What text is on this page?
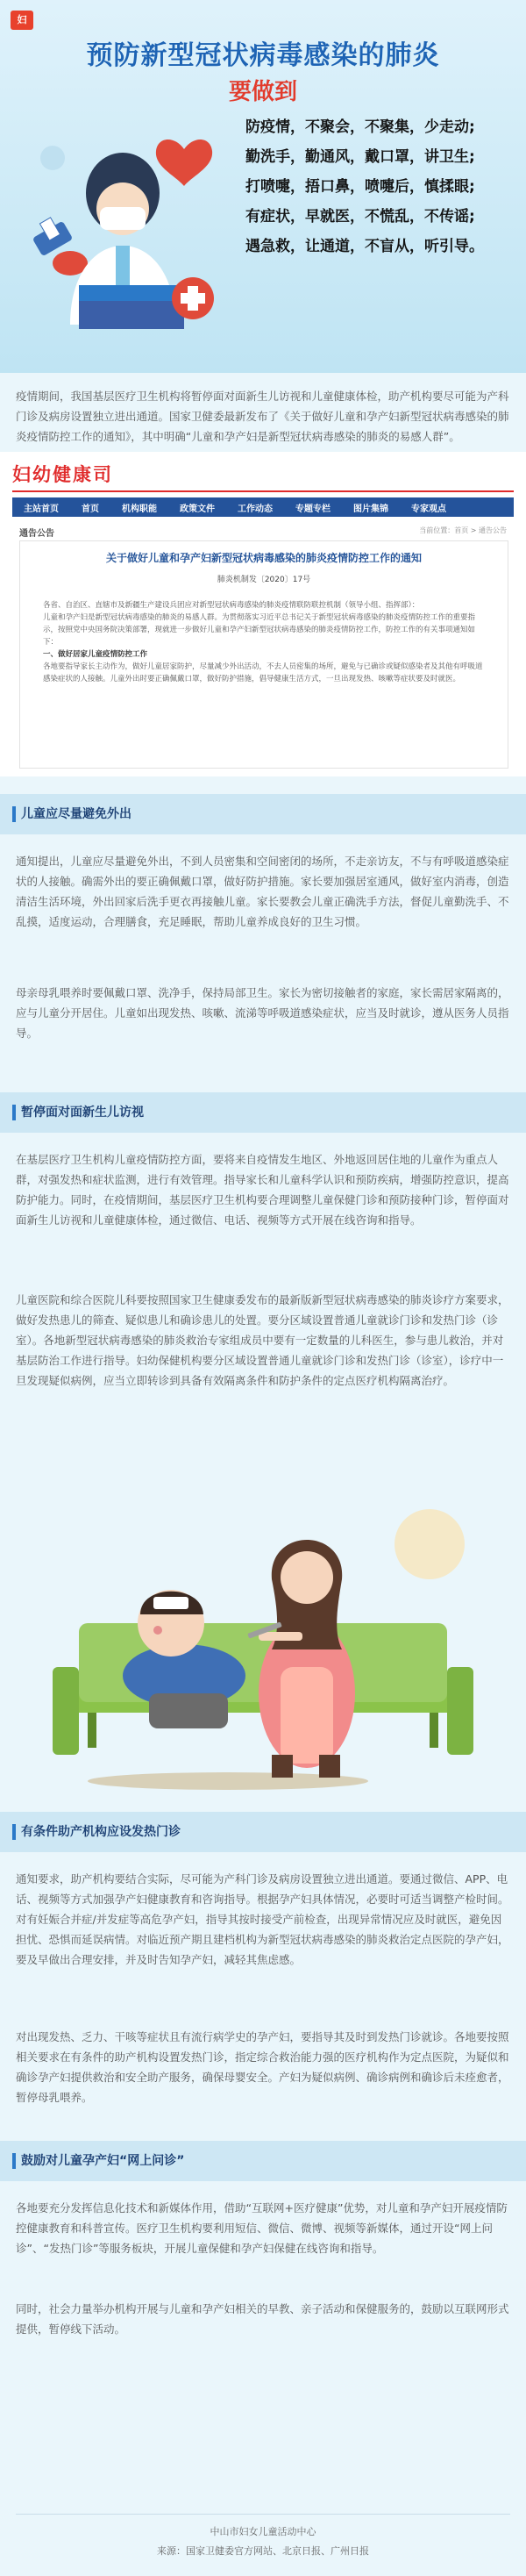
妇
预防新型冠状病毒感染的肺炎
要做到
防疫情，不聚会，不聚集，少走动;
勤洗手，勤通风，戴口罩，讲卫生;
打喷嚏，捂口鼻，喷嚏后，慎揉眼;
有症状，早就医，不慌乱，不传谣;
遇急救，让通道，不盲从，听引导。
疫情期间，我国基层医疗卫生机构将暂停面对面新生儿访视和儿童健康体检，助产机构要尽可能为产科门诊及病房设置独立进出通道。国家卫健委最新发布了《关于做好儿童和孕产妇新型冠状病毒感染的肺炎疫情防控工作的通知》，其中明确“儿童和孕产妇是新型冠状病毒感染的肺炎的易感人群”。
妇幼健康司
主站首页	首页	机构职能	政策文件	工作动态	专题专栏	图片集锦	专家观点
通告公告	当前位置：首页 > 通告公告
关于做好儿童和孕产妇新型冠状病毒感染的肺炎疫情防控工作的通知
肺炎机制发〔2020〕17号
各省、自治区、直辖市及新疆生产建设兵团应对新型冠状病毒感染的肺炎疫情联防联控机制（领导小组、指挥部）：
儿童和孕产妇是新型冠状病毒感染的肺炎的易感人群。为贯彻落实习近平总书记关于新型冠状病毒感染的肺炎疫情防控工作的重要指示，按照党中央国务院决策部署，现就进一步做好儿童和孕产妇新型冠状病毒感染的肺炎疫情防控工作，防控工作的有关事项通知如下：
一、做好居家儿童疫情防控工作
各地要指导家长主动作为，做好儿童居家防护，尽量减少外出活动，不去人员密集的场所，避免与已确诊或疑似感染者及其他有呼吸道感染症状的人接触。儿童外出时要正确佩戴口罩，做好防护措施，倡导健康生活方式，一旦出现发热、咳嗽等症状要及时就医。
儿童应尽量避免外出
通知提出，儿童应尽量避免外出，不到人员密集和空间密闭的场所，不走亲访友，不与有呼吸道感染症状的人接触。确需外出的要正确佩戴口罩，做好防护措施。家长要加强居室通风，做好室内消毒，创造清洁生活环境，外出回家后洗手更衣再接触儿童。家长要教会儿童正确洗手方法，督促儿童勤洗手、不乱摸，适度运动，合理膳食，充足睡眠，帮助儿童养成良好的卫生习惯。
母亲母乳喂养时要佩戴口罩、洗净手，保持局部卫生。家长为密切接触者的家庭，家长需居家隔离的，应与儿童分开居住。儿童如出现发热、咳嗽、流涕等呼吸道感染症状，应当及时就诊，遵从医务人员指导。
暂停面对面新生儿访视
在基层医疗卫生机构儿童疫情防控方面，要将来自疫情发生地区、外地返回居住地的儿童作为重点人群，对强发热和症状监测，进行有效管理。指导家长和儿童科学认识和预防疾病，增强防控意识，提高防护能力。同时，在疫情期间，基层医疗卫生机构要合理调整儿童保健门诊和预防接种门诊，暂停面对面新生儿访视和儿童健康体检，通过微信、电话、视频等方式开展在线咨询和指导。
儿童医院和综合医院儿科要按照国家卫生健康委发布的最新版新型冠状病毒感染的肺炎诊疗方案要求，做好发热患儿的筛查、疑似患儿和确诊患儿的处置。要分区域设置普通儿童就诊门诊和发热门诊（诊室）。各地新型冠状病毒感染的肺炎救治专家组成员中要有一定数量的儿科医生，参与患儿救治，并对基层防治工作进行指导。妇幼保健机构要分区域设置普通儿童就诊门诊和发热门诊（诊室），诊疗中一旦发现疑似病例，应当立即转诊到具备有效隔离条件和防护条件的定点医疗机构隔离治疗。
有条件助产机构应设发热门诊
通知要求，助产机构要结合实际，尽可能为产科门诊及病房设置独立进出通道。要通过微信、APP、电话、视频等方式加强孕产妇健康教育和咨询指导。根据孕产妇具体情况，必要时可适当调整产检时间。对有妊娠合并症/并发症等高危孕产妇，指导其按时接受产前检查，出现异常情况应及时就医，避免因担忧、恐惧而延误病情。对临近预产期且建档机构为新型冠状病毒感染的肺炎救治定点医院的孕产妇，要及早做出合理安排，并及时告知孕产妇，减轻其焦虑感。
对出现发热、乏力、干咳等症状且有流行病学史的孕产妇，要指导其及时到发热门诊就诊。各地要按照相关要求在有条件的助产机构设置发热门诊，指定综合救治能力强的医疗机构作为定点医院，为疑似和确诊孕产妇提供救治和安全助产服务，确保母婴安全。产妇为疑似病例、确诊病例和确诊后未痊愈者，暂停母乳喂养。
鼓励对儿童孕产妇“网上问诊”
各地要充分发挥信息化技术和新媒体作用，借助“互联网+医疗健康”优势，对儿童和孕产妇开展疫情防控健康教育和科普宣传。医疗卫生机构要利用短信、微信、微博、视频等新媒体，通过开设“网上问诊”、“发热门诊”等服务板块，开展儿童保健和孕产妇保健在线咨询和指导。
同时，社会力量举办机构开展与儿童和孕产妇相关的早教、亲子活动和保健服务的，鼓励以互联网形式提供，暂停线下活动。
中山市妇女儿童活动中心
来源：国家卫健委官方网站、北京日报、广州日报
